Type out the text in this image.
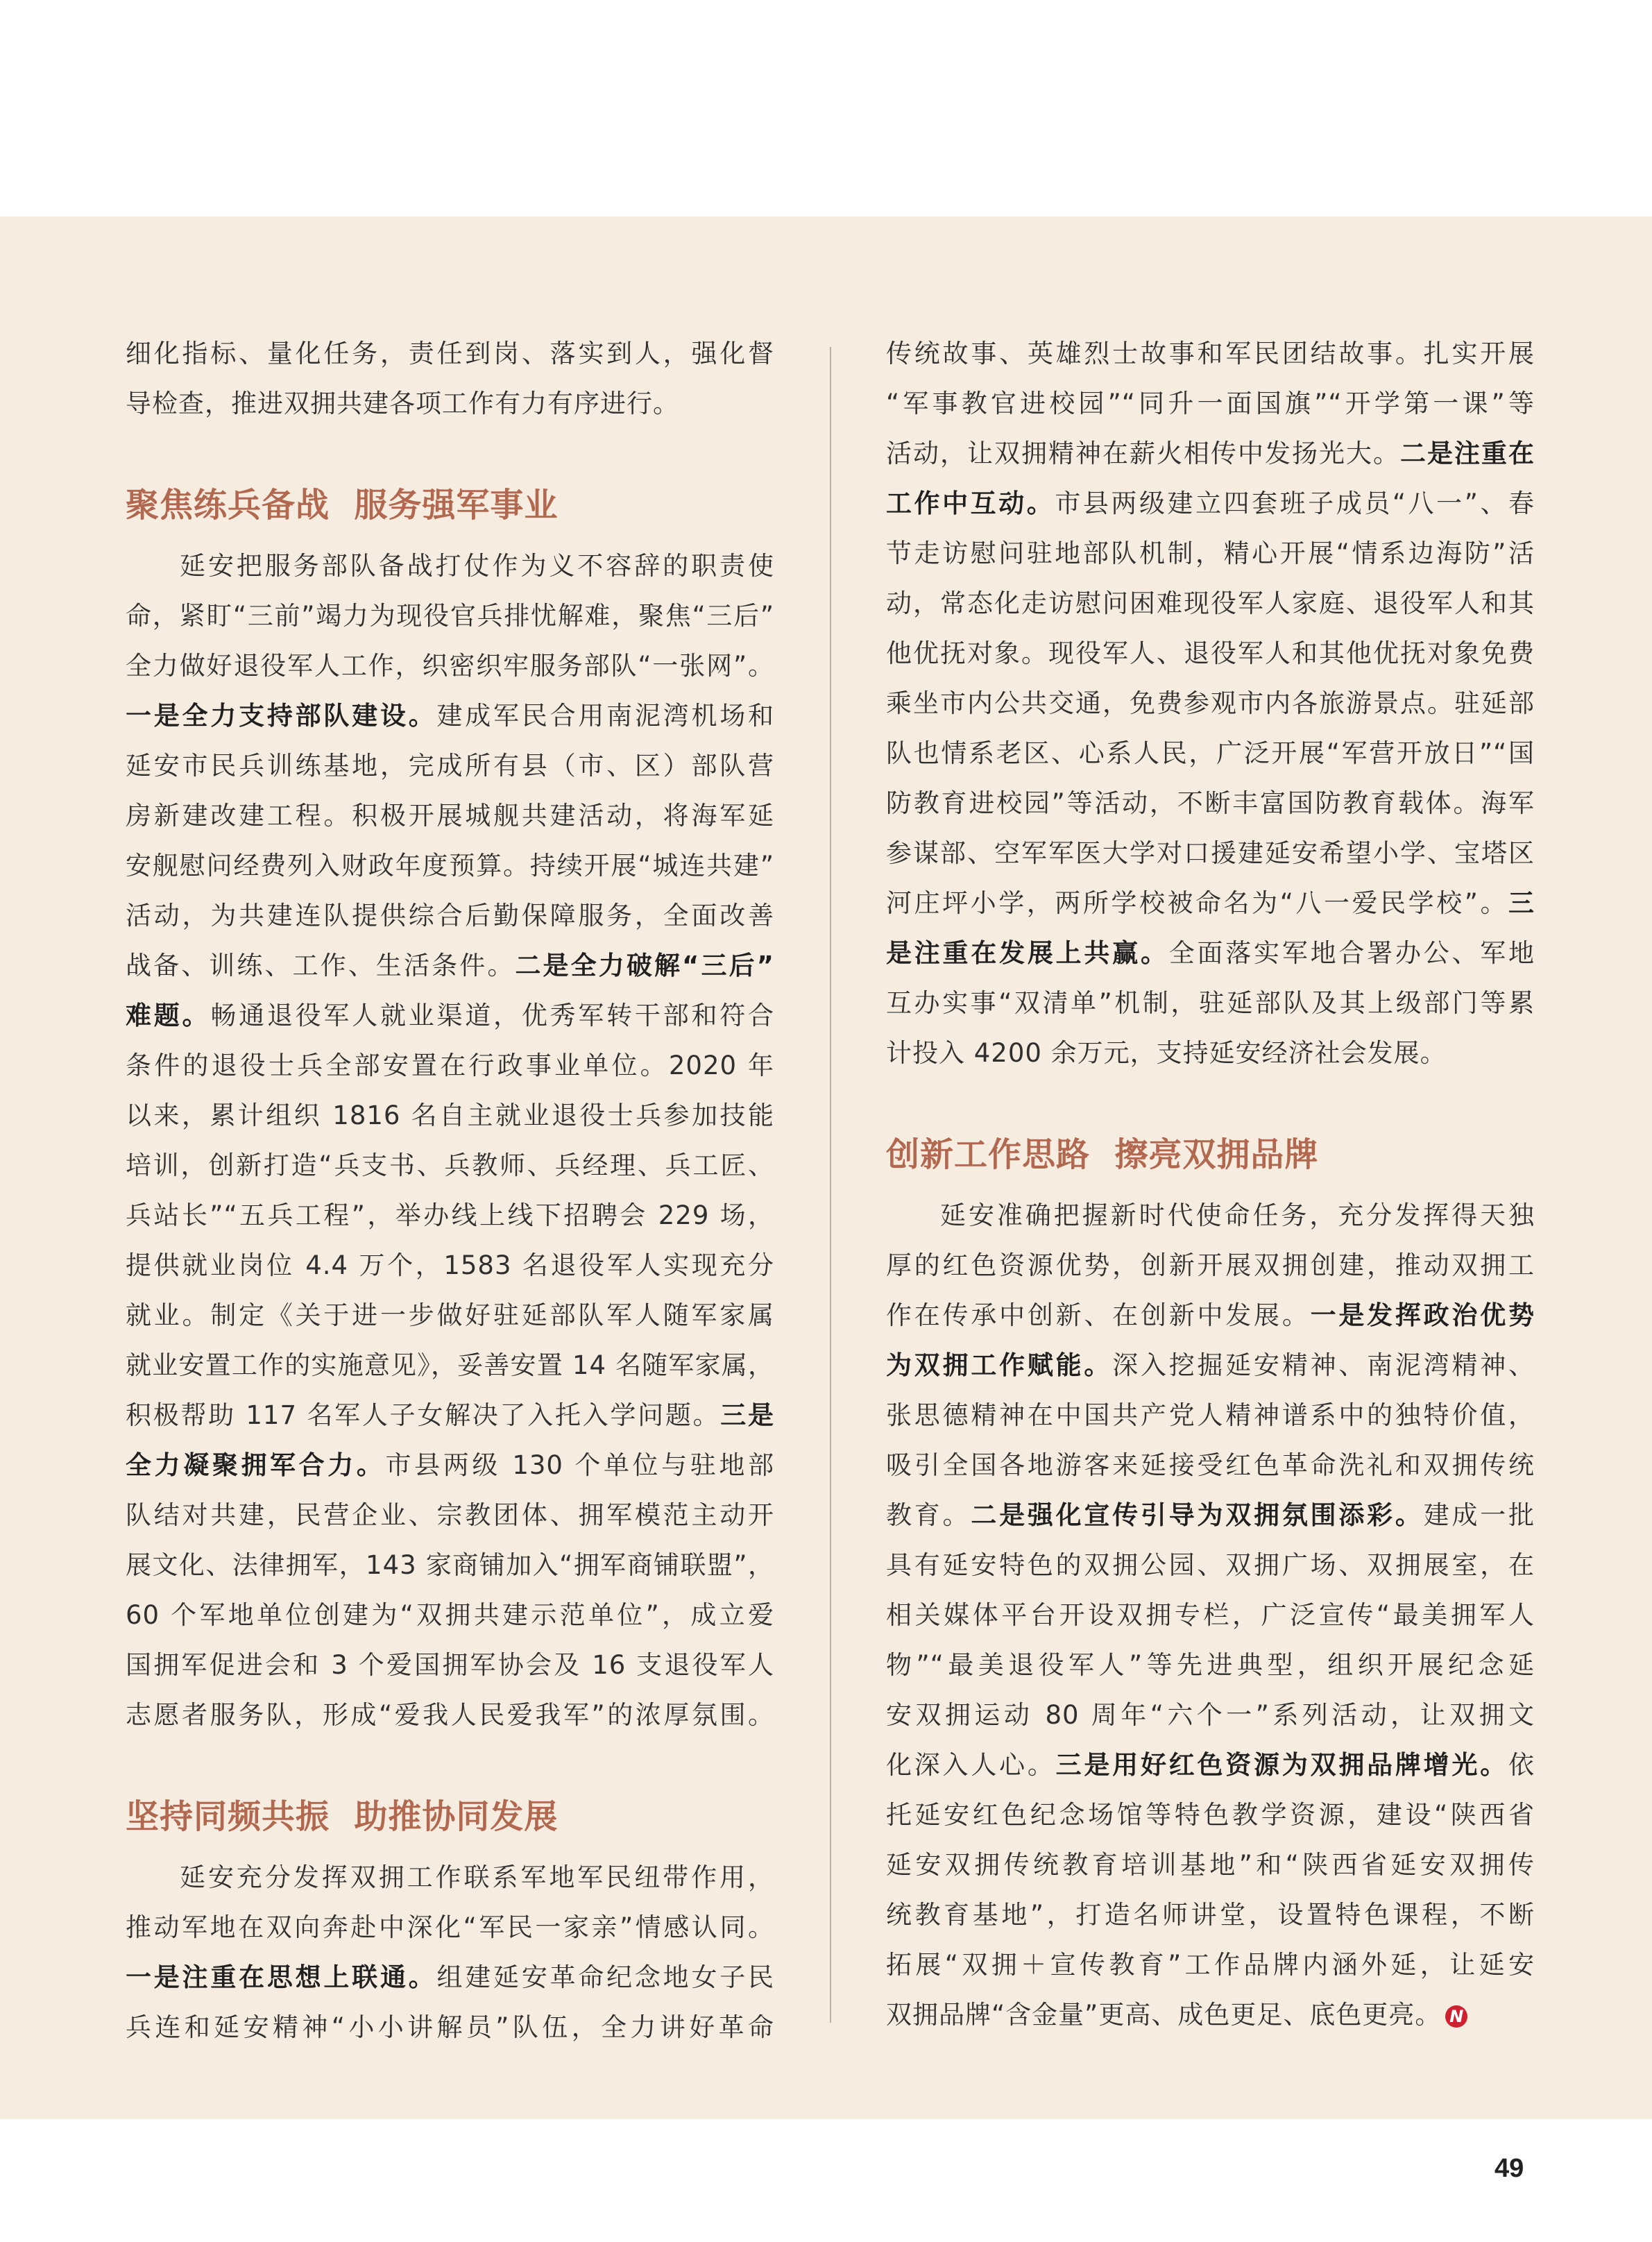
细化指标、量化任务，责任到岗、落实到人，强化督
导检查，推进双拥共建各项工作有力有序进行。
聚焦练兵备战  服务强军事业
延安把服务部队备战打仗作为义不容辞的职责使
命，紧盯“三前”竭力为现役官兵排忧解难，聚焦“三后”
全力做好退役军人工作，织密织牢服务部队“一张网”。
一是全力支持部队建设。建成军民合用南泥湾机场和
延安市民兵训练基地，完成所有县（市、区）部队营
房新建改建工程。积极开展城舰共建活动，将海军延
安舰慰问经费列入财政年度预算。持续开展“城连共建”
活动，为共建连队提供综合后勤保障服务，全面改善
战备、训练、工作、生活条件。二是全力破解“三后”
难题。畅通退役军人就业渠道，优秀军转干部和符合
条件的退役士兵全部安置在行政事业单位。2020 年
以来，累计组织 1816 名自主就业退役士兵参加技能
培训，创新打造“兵支书、兵教师、兵经理、兵工匠、
兵站长”“五兵工程”，举办线上线下招聘会 229 场，
提供就业岗位 4.4 万个，1583 名退役军人实现充分
就业。制定《关于进一步做好驻延部队军人随军家属
就业安置工作的实施意见》，妥善安置 14 名随军家属，
积极帮助 117 名军人子女解决了入托入学问题。三是
全力凝聚拥军合力。市县两级 130 个单位与驻地部
队结对共建，民营企业、宗教团体、拥军模范主动开
展文化、法律拥军，143 家商铺加入“拥军商铺联盟”，
60 个军地单位创建为“双拥共建示范单位”，成立爱
国拥军促进会和 3 个爱国拥军协会及 16 支退役军人
志愿者服务队，形成“爱我人民爱我军”的浓厚氛围。
坚持同频共振  助推协同发展
延安充分发挥双拥工作联系军地军民纽带作用，
推动军地在双向奔赴中深化“军民一家亲”情感认同。
一是注重在思想上联通。组建延安革命纪念地女子民
兵连和延安精神“小小讲解员”队伍，全力讲好革命
传统故事、英雄烈士故事和军民团结故事。扎实开展
“军事教官进校园”“同升一面国旗”“开学第一课”等
活动，让双拥精神在薪火相传中发扬光大。二是注重在
工作中互动。市县两级建立四套班子成员“八一”、春
节走访慰问驻地部队机制，精心开展“情系边海防”活
动，常态化走访慰问困难现役军人家庭、退役军人和其
他优抚对象。现役军人、退役军人和其他优抚对象免费
乘坐市内公共交通，免费参观市内各旅游景点。驻延部
队也情系老区、心系人民，广泛开展“军营开放日”“国
防教育进校园”等活动，不断丰富国防教育载体。海军
参谋部、空军军医大学对口援建延安希望小学、宝塔区
河庄坪小学，两所学校被命名为“八一爱民学校”。三
是注重在发展上共赢。全面落实军地合署办公、军地
互办实事“双清单”机制，驻延部队及其上级部门等累
计投入 4200 余万元，支持延安经济社会发展。
创新工作思路  擦亮双拥品牌
延安准确把握新时代使命任务，充分发挥得天独
厚的红色资源优势，创新开展双拥创建，推动双拥工
作在传承中创新、在创新中发展。一是发挥政治优势
为双拥工作赋能。深入挖掘延安精神、南泥湾精神、
张思德精神在中国共产党人精神谱系中的独特价值，
吸引全国各地游客来延接受红色革命洗礼和双拥传统
教育。二是强化宣传引导为双拥氛围添彩。建成一批
具有延安特色的双拥公园、双拥广场、双拥展室，在
相关媒体平台开设双拥专栏，广泛宣传“最美拥军人
物”“最美退役军人”等先进典型，组织开展纪念延
安双拥运动 80 周年“六个一”系列活动，让双拥文
化深入人心。三是用好红色资源为双拥品牌增光。依
托延安红色纪念场馆等特色教学资源，建设“陕西省
延安双拥传统教育培训基地”和“陕西省延安双拥传
统教育基地”，打造名师讲堂，设置特色课程，不断
拓展“双拥＋宣传教育”工作品牌内涵外延，让延安
双拥品牌“含金量”更高、成色更足、底色更亮。 N
49
